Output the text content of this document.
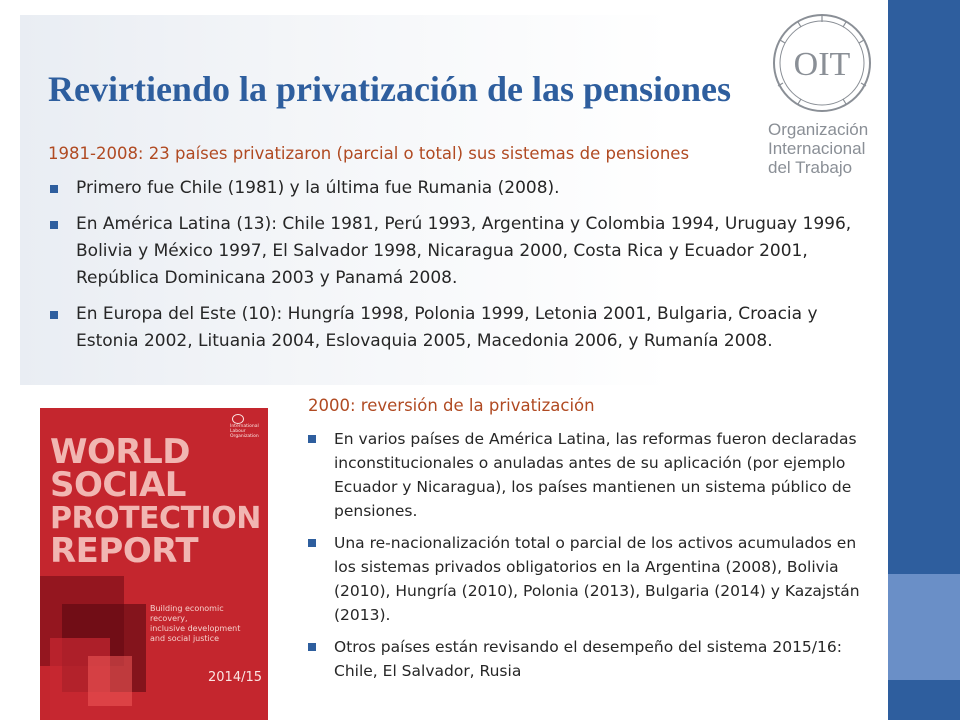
OIT
Organización
Internacional
del Trabajo
Revirtiendo la privatización de las pensiones
1981-2008: 23 países privatizaron (parcial o total) sus sistemas de pensiones
Primero fue Chile (1981) y la última fue Rumania (2008).
En América Latina (13): Chile 1981, Perú 1993, Argentina y Colombia 1994, Uruguay 1996, Bolivia y México 1997, El Salvador 1998, Nicaragua 2000, Costa Rica y Ecuador 2001, República Dominicana 2003 y Panamá 2008.
En Europa del Este (10): Hungría 1998, Polonia 1999, Letonia 2001, Bulgaria, Croacia y Estonia 2002, Lituania 2004, Eslovaquia 2005, Macedonia 2006, y Rumanía 2008.
2000: reversión de la privatización
En varios países de América Latina, las reformas fueron declaradas inconstitucionales o anuladas antes de su aplicación (por ejemplo Ecuador y Nicaragua), los países mantienen un sistema público de pensiones.
Una re-nacionalización total o parcial de los activos acumulados en los sistemas privados obligatorios en la Argentina (2008), Bolivia (2010), Hungría (2010), Polonia (2013), Bulgaria (2014) y Kazajstán (2013).
Otros países están revisando el desempeño del sistema 2015/16: Chile, El Salvador, Rusia
International
Labour
Organization
WORLD
SOCIAL
PROTECTION
REPORT
Building economic recovery,
inclusive development
and social justice
2014/15
